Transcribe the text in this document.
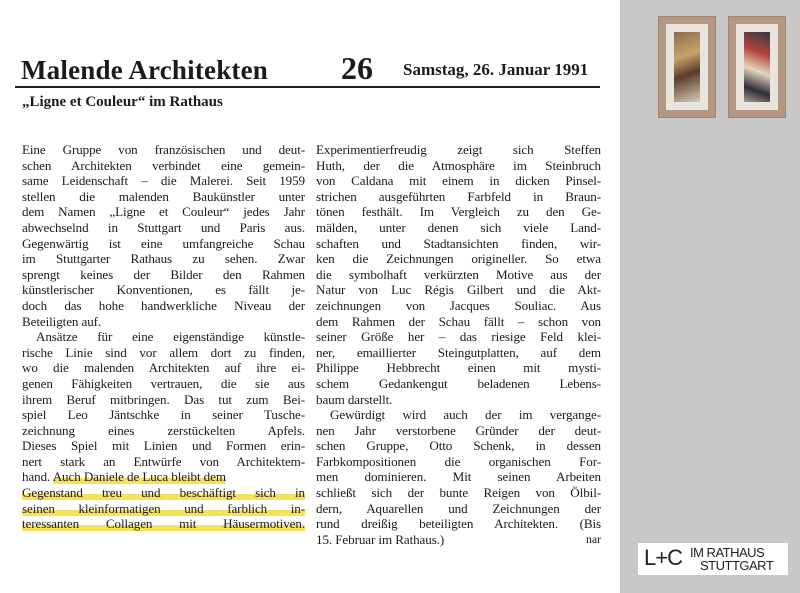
Malende Architekten 26 Samstag, 26. Januar 1991
„Ligne et Couleur“ im Rathaus
Eine Gruppe von französischen und deut-
schen Architekten verbindet eine gemein-
same Leidenschaft – die Malerei. Seit 1959
stellen die malenden Baukünstler unter
dem Namen „Ligne et Couleur“ jedes Jahr
abwechselnd in Stuttgart und Paris aus.
Gegenwärtig ist eine umfangreiche Schau
im Stuttgarter Rathaus zu sehen. Zwar
sprengt keines der Bilder den Rahmen
künstlerischer Konventionen, es fällt je-
doch das hohe handwerkliche Niveau der
Beteiligten auf.
Ansätze für eine eigenständige künstle-
rische Linie sind vor allem dort zu finden,
wo die malenden Architekten auf ihre ei-
genen Fähigkeiten vertrauen, die sie aus
ihrem Beruf mitbringen. Das tut zum Bei-
spiel Leo Jäntschke in seiner Tusche-
zeichnung eines zerstückelten Apfels.
Dieses Spiel mit Linien und Formen erin-
nert stark an Entwürfe von Architektem-
hand. Auch Daniele de Luca bleibt dem
Gegenstand treu und beschäftigt sich in
seinen kleinformatigen und farblich in-
teressanten Collagen mit Häusermotiven.
Experimentierfreudig zeigt sich Steffen
Huth, der die Atmosphäre im Steinbruch
von Caldana mit einem in dicken Pinsel-
strichen ausgeführten Farbfeld in Braun-
tönen festhält. Im Vergleich zu den Ge-
mälden, unter denen sich viele Land-
schaften und Stadtansichten finden, wir-
ken die Zeichnungen origineller. So etwa
die symbolhaft verkürzten Motive aus der
Natur von Luc Régis Gilbert und die Akt-
zeichnungen von Jacques Souliac. Aus
dem Rahmen der Schau fällt – schon von
seiner Größe her – das riesige Feld klei-
ner, emaillierter Steingutplatten, auf dem
Philippe Hebbrecht einen mit mysti-
schem Gedankengut beladenen Lebens-
baum darstellt.
Gewürdigt wird auch der im vergange-
nen Jahr verstorbene Gründer der deut-
schen Gruppe, Otto Schenk, in dessen
Farbkompositionen die organischen For-
men dominieren. Mit seinen Arbeiten
schließt sich der bunte Reigen von Ölbil-
dern, Aquarellen und Zeichnungen der
rund dreißig beteiligten Architekten. (Bis
15. Februar im Rathaus.)	nar
L+C IM RATHAUS
STUTTGART
